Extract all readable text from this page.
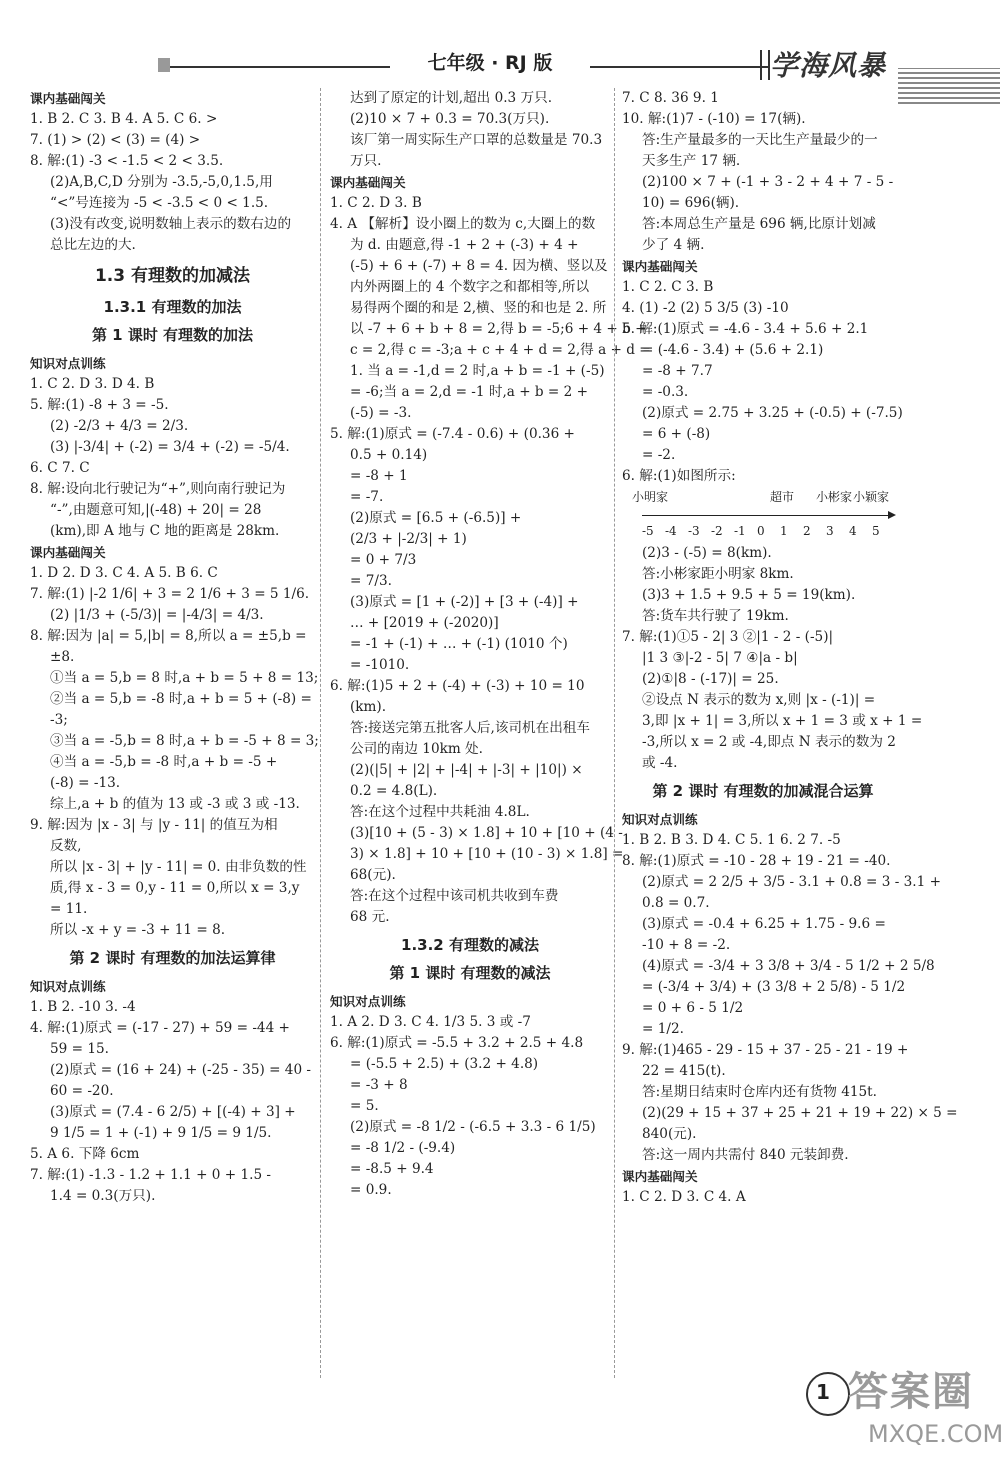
七年级 · RJ 版	学海风暴
课内基础闯关
1. B 2. C 3. B 4. A 5. C 6. >
7. (1) > (2) < (3) = (4) >
8. 解:(1) -3 < -1.5 < 2 < 3.5.
(2)A,B,C,D 分别为 -3.5,-5,0,1.5,用
“<”号连接为 -5 < -3.5 < 0 < 1.5.
(3)没有改变,说明数轴上表示的数右边的
总比左边的大.
1.3 有理数的加减法
1.3.1 有理数的加法
第 1 课时 有理数的加法
知识对点训练
1. C 2. D 3. D 4. B
5. 解:(1) -8 + 3 = -5.
(2) -2/3 + 4/3 = 2/3.
(3) |-3/4| + (-2) = 3/4 + (-2) = -5/4.
6. C 7. C
8. 解:设向北行驶记为“+”,则向南行驶记为
“-”,由题意可知,|(-48) + 20| = 28
(km),即 A 地与 C 地的距离是 28km.
课内基础闯关
1. D 2. D 3. C 4. A 5. B 6. C
7. 解:(1) |-2 1/6| + 3 = 2 1/6 + 3 = 5 1/6.
(2) |1/3 + (-5/3)| = |-4/3| = 4/3.
8. 解:因为 |a| = 5,|b| = 8,所以 a = ±5,b =
±8.
①当 a = 5,b = 8 时,a + b = 5 + 8 = 13;
②当 a = 5,b = -8 时,a + b = 5 + (-8) =
-3;
③当 a = -5,b = 8 时,a + b = -5 + 8 = 3;
④当 a = -5,b = -8 时,a + b = -5 +
(-8) = -13.
综上,a + b 的值为 13 或 -3 或 3 或 -13.
9. 解:因为 |x - 3| 与 |y - 11| 的值互为相
反数,
所以 |x - 3| + |y - 11| = 0. 由非负数的性
质,得 x - 3 = 0,y - 11 = 0,所以 x = 3,y
= 11.
所以 -x + y = -3 + 11 = 8.
第 2 课时 有理数的加法运算律
知识对点训练
1. B 2. -10 3. -4
4. 解:(1)原式 = (-17 - 27) + 59 = -44 +
59 = 15.
(2)原式 = (16 + 24) + (-25 - 35) = 40 -
60 = -20.
(3)原式 = (7.4 - 6 2/5) + [(-4) + 3] +
9 1/5 = 1 + (-1) + 9 1/5 = 9 1/5.
5. A 6. 下降 6cm
7. 解:(1) -1.3 - 1.2 + 1.1 + 0 + 1.5 -
1.4 = 0.3(万只).
达到了原定的计划,超出 0.3 万只.
(2)10 × 7 + 0.3 = 70.3(万只).
该厂第一周实际生产口罩的总数量是 70.3
万只.
课内基础闯关
1. C 2. D 3. B
4. A 【解析】设小圈上的数为 c,大圈上的数
为 d. 由题意,得 -1 + 2 + (-3) + 4 +
(-5) + 6 + (-7) + 8 = 4. 因为横、竖以及
内外两圈上的 4 个数字之和都相等,所以
易得两个圈的和是 2,横、竖的和也是 2. 所
以 -7 + 6 + b + 8 = 2,得 b = -5;6 + 4 + b +
c = 2,得 c = -3;a + c + 4 + d = 2,得 a + d =
1. 当 a = -1,d = 2 时,a + b = -1 + (-5)
= -6;当 a = 2,d = -1 时,a + b = 2 +
(-5) = -3.
5. 解:(1)原式 = (-7.4 - 0.6) + (0.36 +
0.5 + 0.14)
= -8 + 1
= -7.
(2)原式 = [6.5 + (-6.5)] +
(2/3 + |-2/3| + 1)
= 0 + 7/3
= 7/3.
(3)原式 = [1 + (-2)] + [3 + (-4)] +
… + [2019 + (-2020)]
= -1 + (-1) + … + (-1) (1010 个)
= -1010.
6. 解:(1)5 + 2 + (-4) + (-3) + 10 = 10
(km).
答:接送完第五批客人后,该司机在出租车
公司的南边 10km 处.
(2)(|5| + |2| + |-4| + |-3| + |10|) ×
0.2 = 4.8(L).
答:在这个过程中共耗油 4.8L.
(3)[10 + (5 - 3) × 1.8] + 10 + [10 + (4 -
3) × 1.8] + 10 + [10 + (10 - 3) × 1.8] =
68(元).
答:在这个过程中该司机共收到车费
68 元.
1.3.2 有理数的减法
第 1 课时 有理数的减法
知识对点训练
1. A 2. D 3. C 4. 1/3 5. 3 或 -7
6. 解:(1)原式 = -5.5 + 3.2 + 2.5 + 4.8
= (-5.5 + 2.5) + (3.2 + 4.8)
= -3 + 8
= 5.
(2)原式 = -8 1/2 - (-6.5 + 3.3 - 6 1/5)
= -8 1/2 - (-9.4)
= -8.5 + 9.4
= 0.9.
7. C 8. 36 9. 1
10. 解:(1)7 - (-10) = 17(辆).
答:生产量最多的一天比生产量最少的一
天多生产 17 辆.
(2)100 × 7 + (-1 + 3 - 2 + 4 + 7 - 5 -
10) = 696(辆).
答:本周总生产量是 696 辆,比原计划减
少了 4 辆.
课内基础闯关
1. C 2. C 3. B
4. (1) -2 (2) 5 3/5 (3) -10
5. 解:(1)原式 = -4.6 - 3.4 + 5.6 + 2.1
= (-4.6 - 3.4) + (5.6 + 2.1)
= -8 + 7.7
= -0.3.
(2)原式 = 2.75 + 3.25 + (-0.5) + (-7.5)
= 6 + (-8)
= -2.
6. 解:(1)如图所示:
-5 -4 -3 -2 -1 0 1 2 3 4 5
小明家	超市 小彬家 小颖家
(2)3 - (-5) = 8(km).
答:小彬家距小明家 8km.
(3)3 + 1.5 + 9.5 + 5 = 19(km).
答:货车共行驶了 19km.
7. 解:(1)①5 - 2| 3 ②|1 - 2 - (-5)|
|1 3 ③|-2 - 5| 7 ④|a - b|
(2)①|8 - (-17)| = 25.
②设点 N 表示的数为 x,则 |x - (-1)| =
3,即 |x + 1| = 3,所以 x + 1 = 3 或 x + 1 =
-3,所以 x = 2 或 -4,即点 N 表示的数为 2
或 -4.
第 2 课时 有理数的加减混合运算
知识对点训练
1. B 2. B 3. D 4. C 5. 1 6. 2 7. -5
8. 解:(1)原式 = -10 - 28 + 19 - 21 = -40.
(2)原式 = 2 2/5 + 3/5 - 3.1 + 0.8 = 3 - 3.1 +
0.8 = 0.7.
(3)原式 = -0.4 + 6.25 + 1.75 - 9.6 =
-10 + 8 = -2.
(4)原式 = -3/4 + 3 3/8 + 3/4 - 5 1/2 + 2 5/8
= (-3/4 + 3/4) + (3 3/8 + 2 5/8) - 5 1/2
= 0 + 6 - 5 1/2
= 1/2.
9. 解:(1)465 - 29 - 15 + 37 - 25 - 21 - 19 +
22 = 415(t).
答:星期日结束时仓库内还有货物 415t.
(2)(29 + 15 + 37 + 25 + 21 + 19 + 22) × 5 =
840(元).
答:这一周内共需付 840 元装卸费.
课内基础闯关
1. C 2. D 3. C 4. A
1 答案圈
MXQE.COM
